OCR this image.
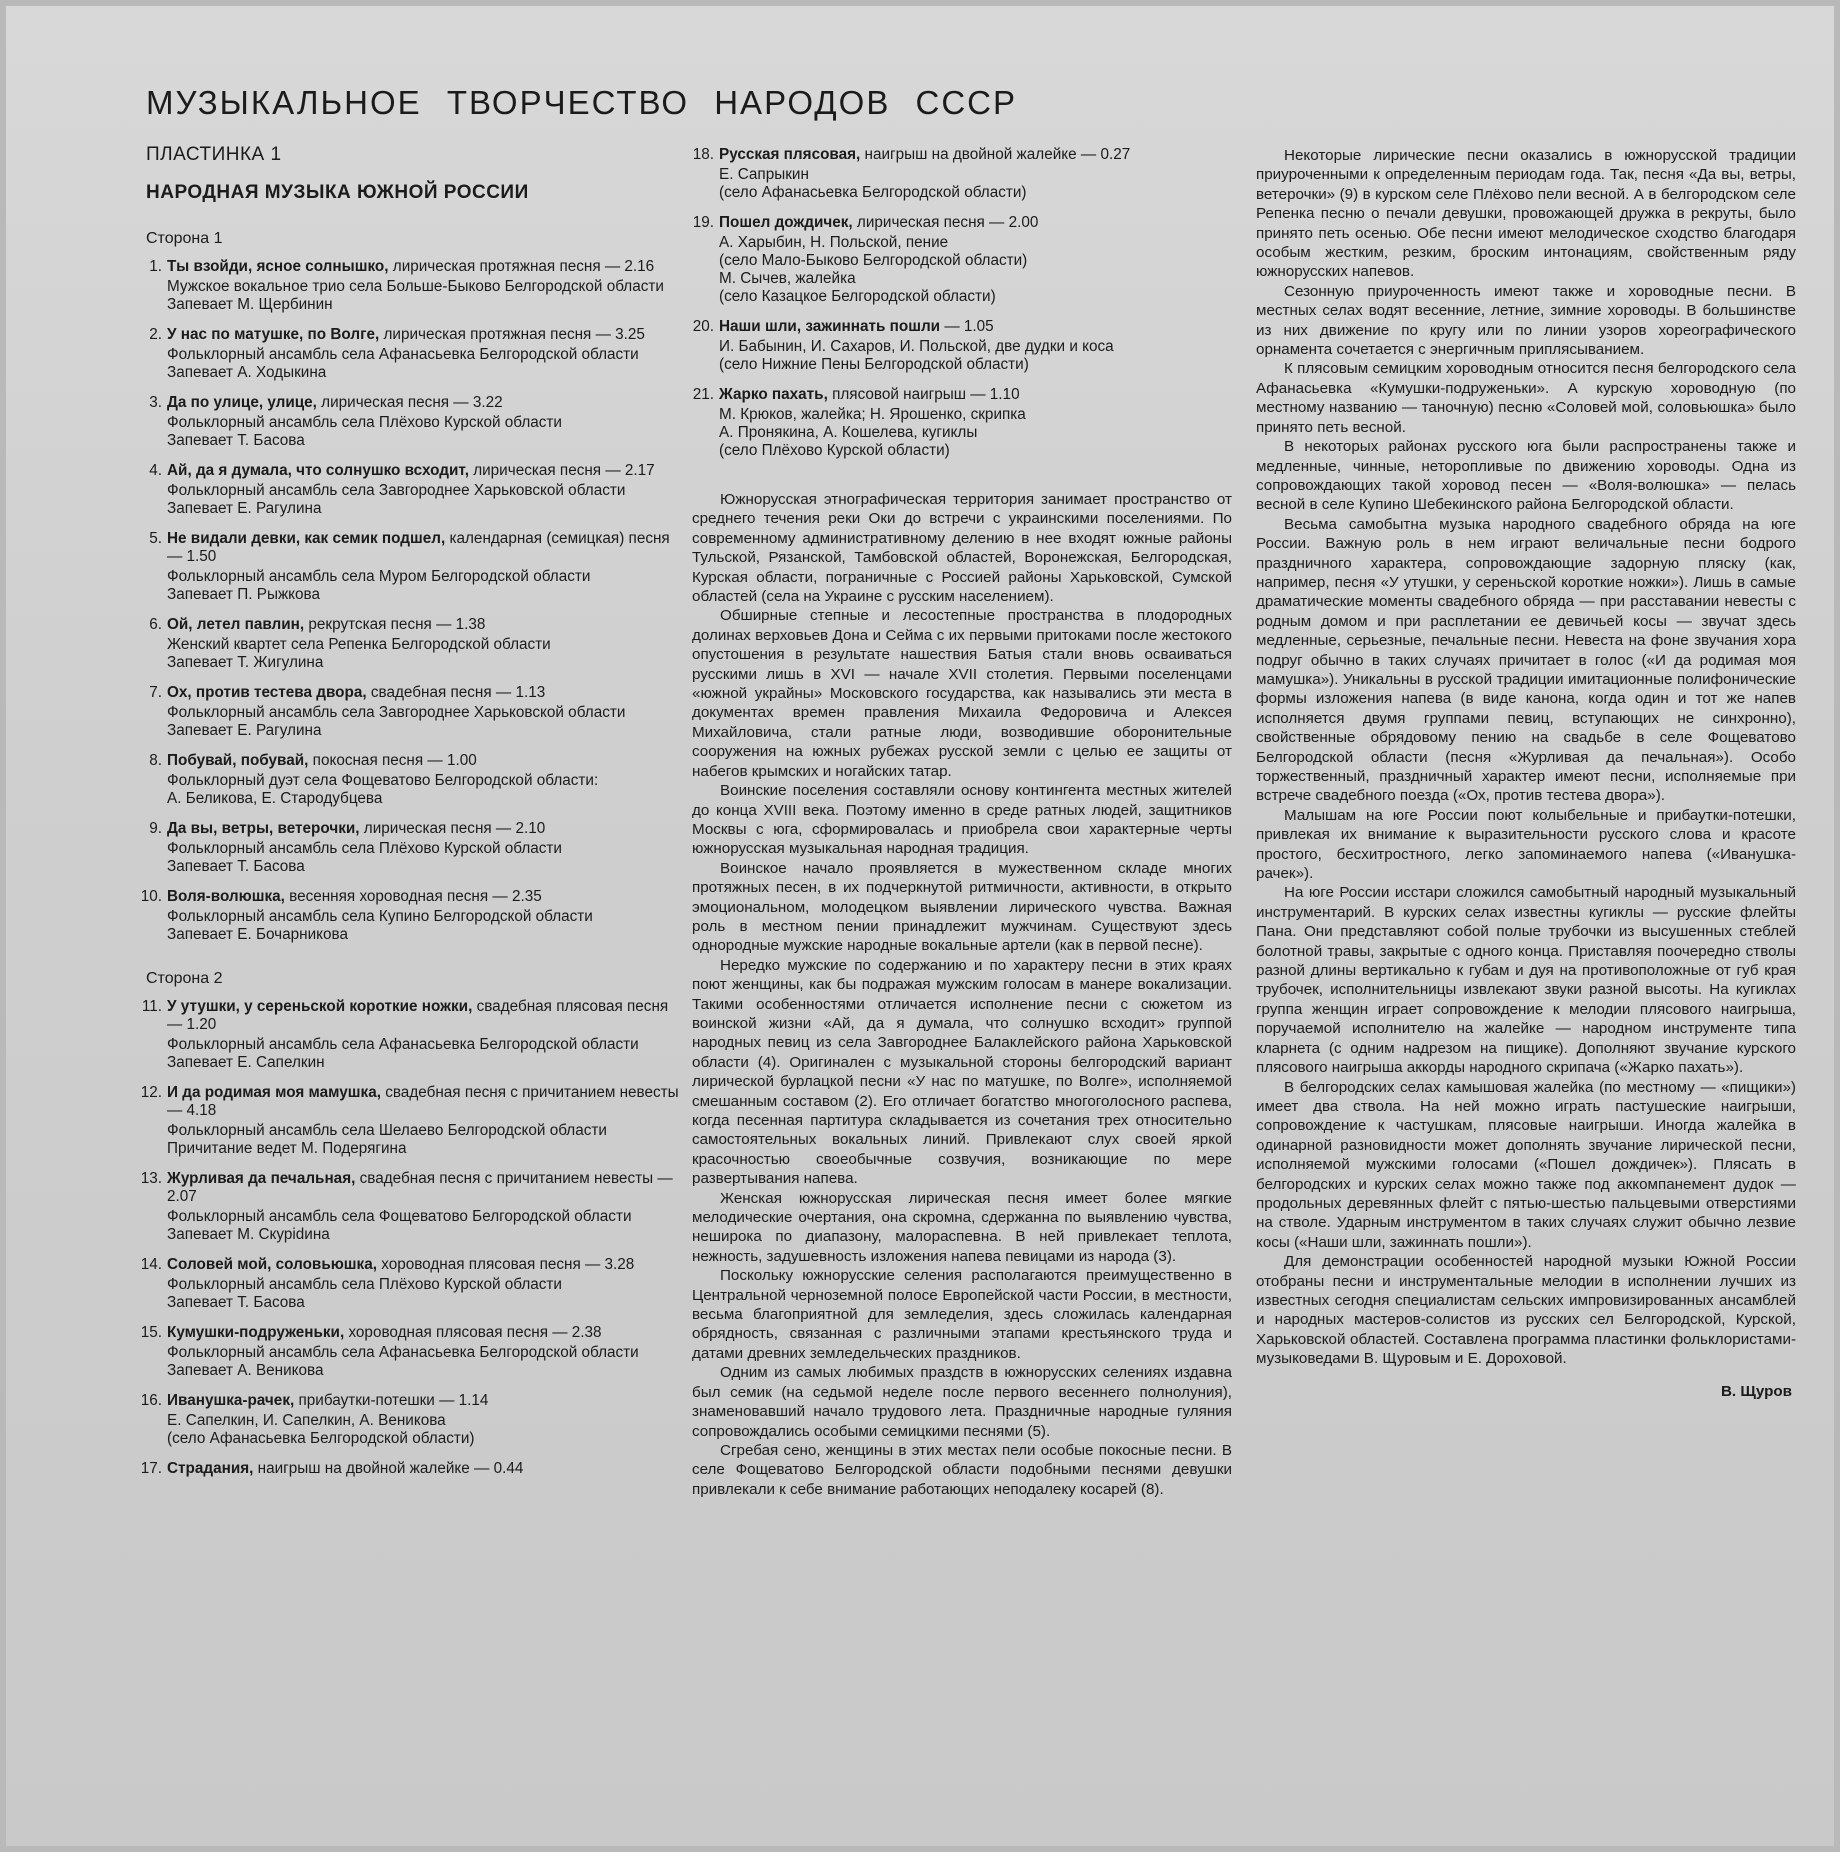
МУЗЫКАЛЬНОЕ ТВОРЧЕСТВО НАРОДОВ СССР
ПЛАСТИНКА 1
НАРОДНАЯ МУЗЫКА ЮЖНОЙ РОССИИ
Сторона 1
1. Ты взойди, ясное солнышко, лирическая протяжная песня — 2.16
Мужское вокальное трио села Больше-Быково Белгородской области
Запевает М. Щербинин
2. У нас по матушке, по Волге, лирическая протяжная песня — 3.25
Фольклорный ансамбль села Афанасьевка Белгородской области
Запевает А. Ходыкина
3. Да по улице, улице, лирическая песня — 3.22
Фольклорный ансамбль села Плёхово Курской области
Запевает Т. Басова
4. Ай, да я думала, что солнушко всходит, лирическая песня — 2.17
Фольклорный ансамбль села Завгороднее Харьковской области
Запевает Е. Рагулина
5. Не видали девки, как семик подшел, календарная (семицкая) песня — 1.50
Фольклорный ансамбль села Муром Белгородской области
Запевает П. Рыжкова
6. Ой, летел павлин, рекрутская песня — 1.38
Женский квартет села Репенка Белгородской области
Запевает Т. Жигулина
7. Ох, против тестева двора, свадебная песня — 1.13
Фольклорный ансамбль села Завгороднее Харьковской области
Запевает Е. Рагулина
8. Побувай, побувай, покосная песня — 1.00
Фольклорный дуэт села Фощеватово Белгородской области:
А. Беликова, Е. Стародубцева
9. Да вы, ветры, ветерочки, лирическая песня — 2.10
Фольклорный ансамбль села Плёхово Курской области
Запевает Т. Басова
10. Воля-волюшка, весенняя хороводная песня — 2.35
Фольклорный ансамбль села Купино Белгородской области
Запевает Е. Бочарникова
Сторона 2
11. У утушки, у сереньской короткие ножки, свадебная плясовая песня — 1.20
Фольклорный ансамбль села Афанасьевка Белгородской области
Запевает Е. Сапелкин
12. И да родимая моя мамушка, свадебная песня с причитанием невесты — 4.18
Фольклорный ансамбль села Шелаево Белгородской области
Причитание ведет М. Подерягина
13. Журливая да печальная, свадебная песня с причитанием невесты — 2.07
Фольклорный ансамбль села Фощеватово Белгородской области
Запевает М. Скурidина
14. Соловей мой, соловьюшка, хороводная плясовая песня — 3.28
Фольклорный ансамбль села Плёхово Курской области
Запевает Т. Басова
15. Кумушки-подруженьки, хороводная плясовая песня — 2.38
Фольклорный ансамбль села Афанасьевка Белгородской области
Запевает А. Веникова
16. Иванушка-рачек, прибаутки-потешки — 1.14
Е. Сапелкин, И. Сапелкин, А. Веникова
(село Афанасьевка Белгородской области)
17. Страдания, наигрыш на двойной жалейке — 0.44
18. Русская плясовая, наигрыш на двойной жалейке — 0.27
Е. Сапрыкин
(село Афанасьевка Белгородской области)
19. Пошел дождичек, лирическая песня — 2.00
А. Харыбин, Н. Польской, пение
(село Мало-Быково Белгородской области)
М. Сычев, жалейка
(село Казацкое Белгородской области)
20. Наши шли, зажиннать пошли — 1.05
И. Бабынин, И. Сахаров, И. Польской, две дудки и коса
(село Нижние Пены Белгородской области)
21. Жарко пахать, плясовой наигрыш — 1.10
М. Крюков, жалейка; Н. Ярошенко, скрипка
А. Пронякина, А. Кошелева, кугиклы
(село Плёхово Курской области)

Южнорусская этнографическая территория занимает пространство от среднего течения реки Оки до встречи с украинскими поселениями. По современному административному делению в нее входят южные районы Тульской, Рязанской, Тамбовской областей, Воронежская, Белгородская, Курская области, пограничные с Россией районы Харьковской, Сумской областей (села на Украине с русским населением).

Обширные степные и лесостепные пространства в плодородных долинах верховьев Дона и Сейма с их первыми притоками после жестокого опустошения в результате нашествия Батыя стали вновь осваиваться русскими лишь в XVI — начале XVII столетия. Первыми поселенцами «южной украйны» Московского государства, как назывались эти места в документах времен правления Михаила Федоровича и Алексея Михайловича, стали ратные люди, возводившие оборонительные сооружения на южных рубежах русской земли с целью ее защиты от набегов крымских и ногайских татар.

Воинские поселения составляли основу контингента местных жителей до конца XVIII века. Поэтому именно в среде ратных людей, защитников Москвы с юга, сформировалась и приобрела свои характерные черты южнорусская музыкальная народная традиция.

Воинское начало проявляется в мужественном складе многих протяжных песен, в их подчеркнутой ритмичности, активности, в открыто эмоциональном, молодецком выявлении лирического чувства. Важная роль в местном пении принадлежит мужчинам. Существуют здесь однородные мужские народные вокальные артели (как в первой песне).

Нередко мужские по содержанию и по характеру песни в этих краях поют женщины, как бы подражая мужским голосам в манере вокализации. Такими особенностями отличается исполнение песни с сюжетом из воинской жизни «Ай, да я думала, что солнушко всходит» группой народных певиц из села Завгороднее Балаклейского района Харьковской области (4). Оригинален с музыкальной стороны белгородский вариант лирической бурлацкой песни «У нас по матушке, по Волге», исполняемой смешанным составом (2). Его отличает богатство многоголосного распева, когда песенная партитура складывается из сочетания трех относительно самостоятельных вокальных линий. Привлекают слух своей яркой красочностью своеобычные созвучия, возникающие по мере развертывания напева.

Женская южнорусская лирическая песня имеет более мягкие мелодические очертания, она скромна, сдержанна по выявлению чувства, неширока по диапазону, малораспевна. В ней привлекает теплота, нежность, задушевность изложения напева певицами из народа (3).

Поскольку южнорусские селения располагаются преимущественно в Центральной черноземной полосе Европейской части России, в местности, весьма благоприятной для земледелия, здесь сложилась календарная обрядность, связанная с различными этапами крестьянского труда и датами древних земледельческих праздников.

Одним из самых любимых праздств в южнорусских селениях издавна был семик (на седьмой неделе после первого весеннего полнолуния), знаменовавший начало трудового лета. Праздничные народные гуляния сопровождались особыми семицкими песнями (5).

Сгребая сено, женщины в этих местах пели особые покосные песни. В селе Фощеватово Белгородской области подобными песнями девушки привлекали к себе внимание работающих неподалеку косарей (8).

Некоторые лирические песни оказались в южнорусской традиции приуроченными к определенным периодам года. Так, песня «Да вы, ветры, ветерочки» (9) в курском селе Плёхово пели весной. А в белгородском селе Репенка песню о печали девушки, провожающей дружка в рекруты, было принято петь осенью. Обе песни имеют мелодическое сходство благодаря особым жестким, резким, броским интонациям, свойственным ряду южнорусских напевов.

Сезонную приуроченность имеют также и хороводные песни. В местных селах водят весенние, летние, зимние хороводы. В большинстве из них движение по кругу или по линии узоров хореографического орнамента сочетается с энергичным приплясыванием.

К плясовым семицким хороводным относится песня белгородского села Афанасьевка «Кумушки-подруженьки». А курскую хороводную (по местному названию — таночную) песню «Соловей мой, соловьюшка» было принято петь весной.

В некоторых районах русского юга были распространены также и медленные, чинные, неторопливые по движению хороводы. Одна из сопровождающих такой хоровод песен — «Воля-волюшка» — пелась весной в селе Купино Шебекинского района Белгородской области.

Весьма самобытна музыка народного свадебного обряда на юге России. Важную роль в нем играют величальные песни бодрого праздничного характера, сопровождающие задорную пляску (как, например, песня «У утушки, у сереньской короткие ножки»). Лишь в самые драматические моменты свадебного обряда — при расставании невесты с родным домом и при расплетании ее девичьей косы — звучат здесь медленные, серьезные, печальные песни. Невеста на фоне звучания хора подруг обычно в таких случаях причитает в голос («И да родимая моя мамушка»). Уникальны в русской традиции имитационные полифонические формы изложения напева (в виде канона, когда один и тот же напев исполняется двумя группами певиц, вступающих не синхронно), свойственные обрядовому пению на свадьбе в селе Фощеватово Белгородской области (песня «Журливая да печальная»). Особо торжественный, праздничный характер имеют песни, исполняемые при встрече свадебного поезда («Ох, против тестева двора»).

Малышам на юге России поют колыбельные и прибаутки-потешки, привлекая их внимание к выразительности русского слова и красоте простого, бесхитростного, легко запоминаемого напева («Иванушка-рачек»).

На юге России исстари сложился самобытный народный музыкальный инструментарий. В курских селах известны кугиклы — русские флейты Пана. Они представляют собой полые трубочки из высушенных стеблей болотной травы, закрытые с одного конца. Приставляя поочередно стволы разной длины вертикально к губам и дуя на противоположные от губ края трубочек, исполнительницы извлекают звуки разной высоты. На кугиклах группа женщин играет сопровождение к мелодии плясового наигрыша, поручаемой исполнителю на жалейке — народном инструменте типа кларнета (с одним надрезом на пищике). Дополняют звучание курского плясового наигрыша аккорды народного скрипача («Жарко пахать»).

В белгородских селах камышовая жалейка (по местному — «пищики») имеет два ствола. На ней можно играть пастушеские наигрыши, сопровождение к частушкам, плясовые наигрыши. Иногда жалейка в одинарной разновидности может дополнять звучание лирической песни, исполняемой мужскими голосами («Пошел дождичек»). Плясать в белгородских и курских селах можно также под аккомпанемент дудок — продольных деревянных флейт с пятью-шестью пальцевыми отверстиями на стволе. Ударным инструментом в таких случаях служит обычно лезвие косы («Наши шли, зажиннать пошли»).

Для демонстрации особенностей народной музыки Южной России отобраны песни и инструментальные мелодии в исполнении лучших из известных сегодня специалистам сельских импровизированных ансамблей и народных мастеров-солистов из русских сел Белгородской, Курской, Харьковской областей. Составлена программа пластинки фольклористами-музыковедами В. Щуровым и Е. Дороховой.

В. Щуров
